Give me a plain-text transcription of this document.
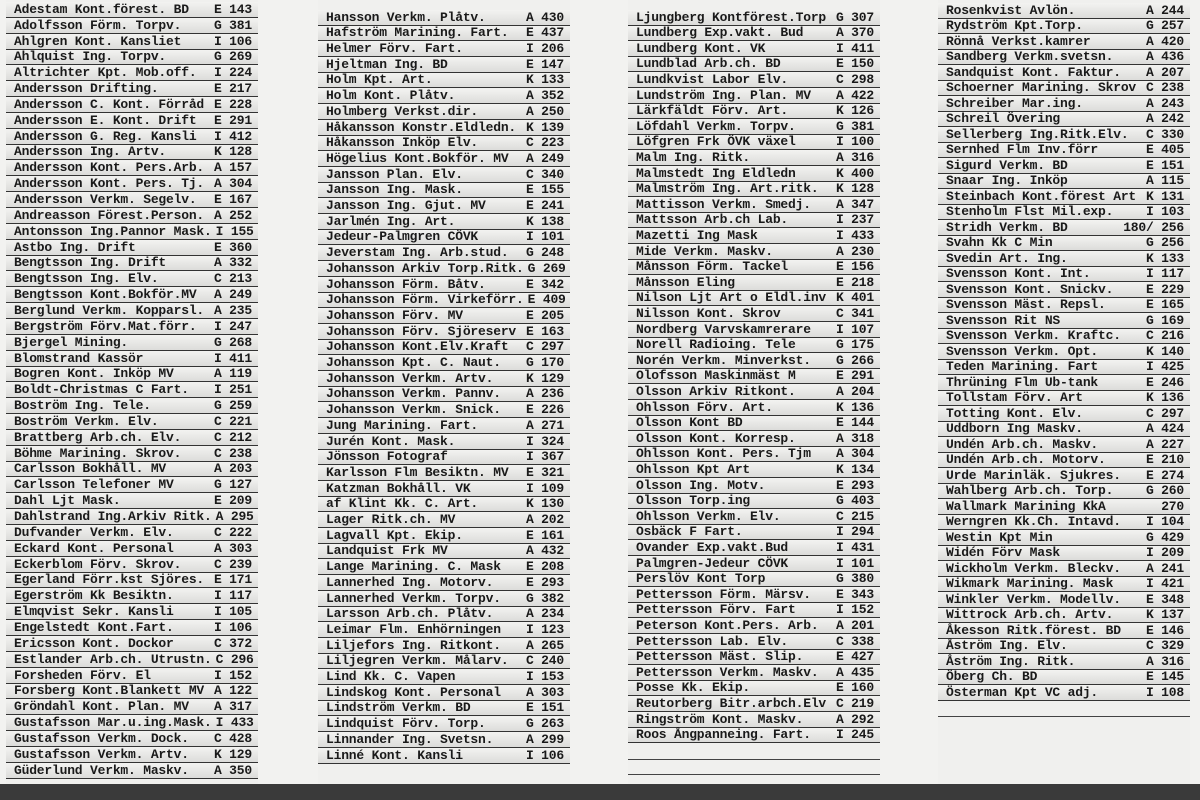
Adestam Kont.förest. BD E 143
Adolfsson Förm. Torpv.	G 381
Ahlgren Kont. Kansliet	I 106
Ahlquist Ing. Torpv.	G 269
Altrichter Kpt. Mob.off. I 224
Andersson Drifting.	E 217
Andersson C. Kont. Förråd E 228
Andersson E. Kont. Drift E 291
Andersson G. Reg. Kansli I 412
Andersson Ing. Artv.	K 128
Andersson Kont. Pers.Arb. A 157
Andersson Kont. Pers. Tj. A 304
Andersson Verkm. Segelv. E 167
Andreasson Förest.Person. A 252
Antonsson Ing.Pannor Mask. I 155
Astbo Ing. Drift	E 360
Bengtsson Ing. Drift	A 332
Bengtsson Ing. Elv.	C 213
Bengtsson Kont.Bokför.MV A 249
Berglund Verkm. Kopparsl. A 235
Bergström Förv.Mat.förr. I 247
Bjergel Mining.	G 268
Blomstrand Kassör	I 411
Bogren Kont. Inköp MV	A 119
Boldt-Christmas C Fart. I 251
Boström Ing. Tele.	G 259
Boström Verkm. Elv.	C 221
Brattberg Arb.ch. Elv.	C 212
Böhme Marining. Skrov.	C 238
Carlsson Bokhåll. MV	A 203
Carlsson Telefoner MV	G 127
Dahl Ljt Mask.	E 209
Dahlstrand Ing.Arkiv Ritk. A 295
Dufvander Verkm. Elv.	C 222
Eckard Kont. Personal	A 303
Eckerblom Förv. Skrov.	C 239
Egerland Förr.kst Sjöres. E 171
Egerström Kk Besiktn.	I 117
Elmqvist Sekr. Kansli	I 105
Engelstedt Kont.Fart.	I 106
Ericsson Kont. Dockor	C 372
Estlander Arb.ch. Utrustn. C 296
Forsheden Förv. El	I 152
Forsberg Kont.Blankett MV A 122
Gröndahl Kont. Plan. MV A 317
Gustafsson Mar.u.ing.Mask. I 433
Gustafsson Verkm. Dock. C 428
Gustafsson Verkm. Artv. K 129
Güderlund Verkm. Maskv. A 350
Hansson Verkm. Plåtv.	A 430
Hafström Marining. Fart. E 437
Helmer Förv. Fart.	I 206
Hjeltman Ing. BD	E 147
Holm Kpt. Art.	K 133
Holm Kont. Plåtv.	A 352
Holmberg Verkst.dir.	A 250
Håkansson Konstr.Eldledn. K 139
Håkansson Inköp Elv.	C 223
Högelius Kont.Bokför. MV A 249
Jansson Plan. Elv.	C 340
Jansson Ing. Mask.	E 155
Jansson Ing. Gjut. MV	E 241
Jarlmén Ing. Art.	K 138
Jedeur-Palmgren CÖVK	I 101
Jeverstam Ing. Arb.stud. G 248
Johansson Arkiv Torp.Ritk. G 269
Johansson Förm. Båtv.	E 342
Johansson Förm. Virkeförr. E 409
Johansson Förv. MV	E 205
Johansson Förv. Sjöreserv E 163
Johansson Kont.Elv.Kraft C 297
Johansson Kpt. C. Naut. G 170
Johansson Verkm. Artv.	K 129
Johansson Verkm. Pannv. A 236
Johansson Verkm. Snick. E 226
Jung Marining. Fart.	A 271
Jurén Kont. Mask.	I 324
Jönsson Fotograf	I 367
Karlsson Flm Besiktn. MV E 321
Katzman Bokhåll. VK	I 109
af Klint Kk. C. Art.	K 130
Lager Ritk.ch. MV	A 202
Lagvall Kpt. Ekip.	E 161
Landquist Frk MV	A 432
Lange Marining. C. Mask E 208
Lannerhed Ing. Motorv.	E 293
Lannerhed Verkm. Torpv. G 382
Larsson Arb.ch. Plåtv.	A 234
Leimar Flm. Enhörningen I 123
Liljefors Ing. Ritkont. A 265
Liljegren Verkm. Målarv. C 240
Lind Kk. C. Vapen	I 153
Lindskog Kont. Personal A 303
Lindström Verkm. BD	E 151
Lindquist Förv. Torp.	G 263
Linnander Ing. Svetsn.	A 299
Linné Kont. Kansli	I 106
Ljungberg Kontförest.Torp G 307
Lundberg Exp.vakt. Bud	A 370
Lundberg Kont. VK	I 411
Lundblad Arb.ch. BD	E 150
Lundkvist Labor Elv.	C 298
Lundström Ing. Plan. MV A 422
Lärkfäldt Förv. Art.	K 126
Löfdahl Verkm. Torpv.	G 381
Löfgren Frk ÖVK växel	I 100
Malm Ing. Ritk.	A 316
Malmstedt Ing Eldledn	K 400
Malmström Ing. Art.ritk. K 128
Mattisson Verkm. Smedj. A 347
Mattsson Arb.ch Lab.	I 237
Mazetti Ing Mask	I 433
Mide Verkm. Maskv.	A 230
Månsson Förm. Tackel	E 156
Månsson Eling	E 218
Nilson Ljt Art o Eldl.inv K 401
Nilsson Kont. Skrov	C 341
Nordberg Varvskamrerare I 107
Norell Radioing. Tele	G 175
Norén Verkm. Minverkst. G 266
Olofsson Maskinmäst M	E 291
Olsson Arkiv Ritkont.	A 204
Ohlsson Förv. Art.	K 136
Olsson Kont BD	E 144
Olsson Kont. Korresp.	A 318
Ohlsson Kont. Pers. Tjm A 304
Ohlsson Kpt Art	K 134
Olsson Ing. Motv.	E 293
Olsson Torp.ing	G 403
Ohlsson Verkm. Elv.	C 215
Osbäck F Fart.	I 294
Ovander Exp.vakt.Bud	I 431
Palmgren-Jedeur CÖVK	I 101
Perslöv Kont Torp	G 380
Pettersson Förm. Märsv. E 343
Pettersson Förv. Fart	I 152
Peterson Kont.Pers. Arb. A 201
Pettersson Lab. Elv.	C 338
Pettersson Mäst. Slip.	E 427
Pettersson Verkm. Maskv. A 435
Posse Kk. Ekip.	E 160
Reutorberg Bitr.arbch.Elv C 219
Ringström Kont. Maskv.	A 292
Roos Ångpanneing. Fart. I 245
Rosenkvist Avlön.	A 244
Rydström Kpt.Torp.	G 257
Rönnå Verkst.kamrer	A 420
Sandberg Verkm.svetsn.	A 436
Sandquist Kont. Faktur. A 207
Schoerner Marining. Skrov C 238
Schreiber Mar.ing.	A 243
Schreil Övering	A 242
Sellerberg Ing.Ritk.Elv. C 330
Sernhed Flm Inv.förr	E 405
Sigurd Verkm. BD	E 151
Snaar Ing. Inköp	A 115
Steinbach Kont.förest Art K 131
Stenholm Flst Mil.exp.	I 103
Stridh Verkm. BD	180/ 256
Svahn Kk C Min	G 256
Svedin Art. Ing.	K 133
Svensson Kont. Int.	I 117
Svensson Kont. Snickv.	E 229
Svensson Mäst. Repsl.	E 165
Svensson Rit NS	G 169
Svensson Verkm. Kraftc. C 216
Svensson Verkm. Opt.	K 140
Teden Marining. Fart	I 425
Thrüning Flm Ub-tank	E 246
Tollstam Förv. Art	K 136
Totting Kont. Elv.	C 297
Uddborn Ing Maskv.	A 424
Undén Arb.ch. Maskv.	A 227
Undén Arb.ch. Motorv.	E 210
Urde Marinläk. Sjukres. E 274
Wahlberg Arb.ch. Torp.	G 260
Wallmark Marining KkA	270
Werngren Kk.Ch. Intavd. I 104
Westin Kpt Min	G 429
Widén Förv Mask	I 209
Wickholm Verkm. Bleckv. A 241
Wikmark Marining. Mask	I 421
Winkler Verkm. Modellv. E 348
Wittrock Arb.ch. Artv.	K 137
Åkesson Ritk.förest. BD E 146
Åström Ing. Elv.	C 329
Åström Ing. Ritk.	A 316
Öberg Ch. BD	E 145
Österman Kpt VC adj.	I 108
